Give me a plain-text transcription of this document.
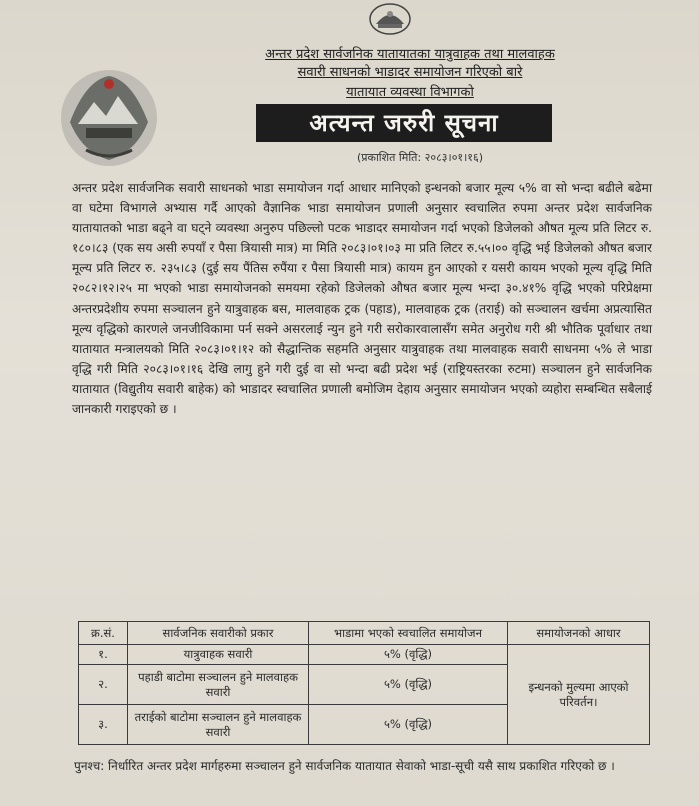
अन्तर प्रदेश सार्वजनिक यातायातका यात्रुवाहक तथा मालवाहक
सवारी साधनको भाडादर समायोजन गरिएको बारे
यातायात व्यवस्था विभागको
अत्यन्त जरुरी सूचना
(प्रकाशित मिति: २०८३।०१।१६)
अन्तर प्रदेश सार्वजनिक सवारी साधनको भाडा समायोजन गर्दा आधार मानिएको इन्धनको बजार मूल्य ५% वा सो भन्दा बढीले बढेमा वा घटेमा विभागले अभ्यास गर्दै आएको वैज्ञानिक भाडा समायोजन प्रणाली अनुसार स्वचालित रुपमा अन्तर प्रदेश सार्वजनिक यातायातको भाडा बढ्ने वा घट्ने व्यवस्था अनुरुप पछिल्लो पटक भाडादर समायोजन गर्दा भएको डिजेलको औषत मूल्य प्रति लिटर रु. १८०।८३ (एक सय असी रुपयाँ र पैसा त्रियासी मात्र) मा मिति २०८३।०१।०३ मा प्रति लिटर रु.५५।०० वृद्धि भई डिजेलको औषत बजार मूल्य प्रति लिटर रु. २३५।८३ (दुई सय पैंतिस रुपैंया र पैसा त्रियासी मात्र) कायम हुन आएको र यसरी कायम भएको मूल्य वृद्धि मिति २०८२।१२।२५ मा भएको भाडा समायोजनको समयमा रहेको डिजेलको औषत बजार मूल्य भन्दा ३०.४१% वृद्धि भएको परिप्रेक्षमा अन्तरप्रदेशीय रुपमा सञ्चालन हुने यात्रुवाहक बस, मालवाहक ट्रक (पहाड), मालवाहक ट्रक (तराई) को सञ्चालन खर्चमा अप्रत्यासित मूल्य वृद्धिको कारणले जनजीविकामा पर्न सक्ने असरलाई न्युन हुने गरी सरोकारवालासँग समेत अनुरोध गरी श्री भौतिक पूर्वाधार तथा यातायात मन्त्रालयको मिति २०८३।०१।१२ को सैद्धान्तिक सहमति अनुसार यात्रुवाहक तथा मालवाहक सवारी साधनमा ५% ले भाडा वृद्धि गरी मिति २०८३।०१।१६ देखि लागु हुने गरी दुई वा सो भन्दा बढी प्रदेश भई (राष्ट्रियस्तरका रुटमा) सञ्चालन हुने सार्वजनिक यातायात (विद्युतीय सवारी बाहेक) को भाडादर स्वचालित प्रणाली बमोजिम देहाय अनुसार समायोजन भएको व्यहोरा सम्बन्धित सबैलाई जानकारी गराइएको छ ।
क्र.सं.	सार्वजनिक सवारीको प्रकार	भाडामा भएको स्वचालित समायोजन	समायोजनको आधार
१.	यात्रुवाहक सवारी	५% (वृद्धि)	इन्धनको मुल्यमा आएको परिवर्तन।
२.	पहाडी बाटोमा सञ्चालन हुने मालवाहक सवारी	५% (वृद्धि)	
३.	तराईको बाटोमा सञ्चालन हुने मालवाहक सवारी	५% (वृद्धि)	
पुनश्च: निर्धारित अन्तर प्रदेश मार्गहरुमा सञ्चालन हुने सार्वजनिक यातायात सेवाको भाडा-सूची यसै साथ प्रकाशित गरिएको छ ।
